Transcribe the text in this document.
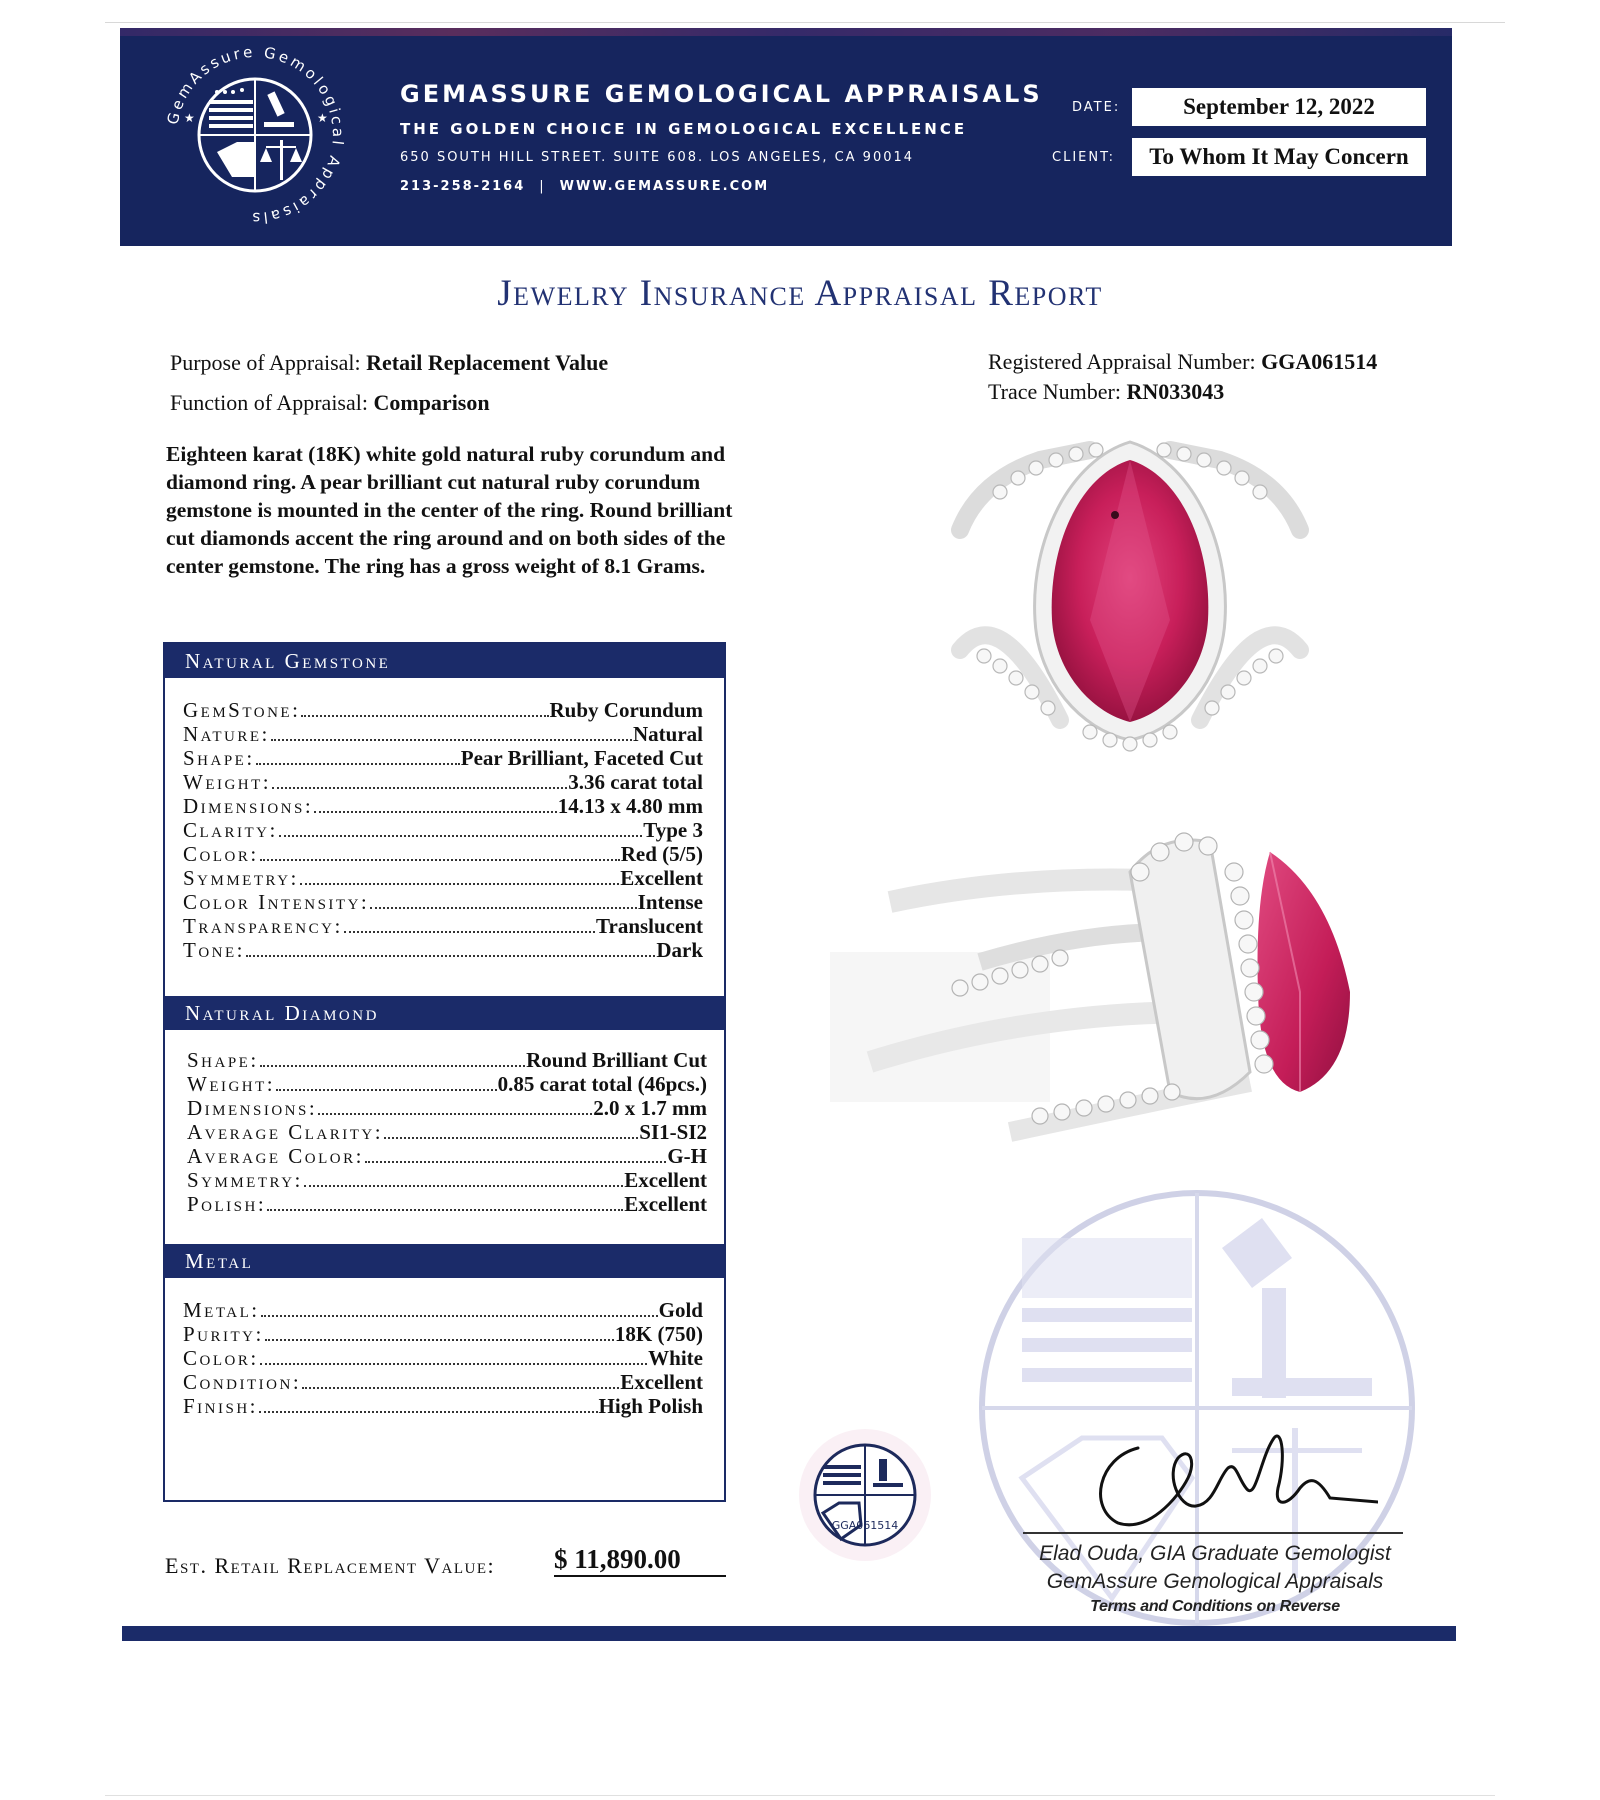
GemAssure Gemological Appraisals
★	★
GEMASSURE GEMOLOGICAL APPRAISALS
THE GOLDEN CHOICE IN GEMOLOGICAL EXCELLENCE
650 SOUTH HILL STREET. SUITE 608. LOS ANGELES, CA 90014
213-258-2164 | WWW.GEMASSURE.COM
DATE:	September 12, 2022
CLIENT:	To Whom It May Concern
Jewelry Insurance Appraisal Report
Purpose of Appraisal: Retail Replacement Value
Function of Appraisal: Comparison
Registered Appraisal Number: GGA061514
Trace Number: RN033043
Eighteen karat (18K) white gold natural ruby corundum and diamond ring. A pear brilliant cut natural ruby corundum gemstone is mounted in the center of the ring. Round brilliant cut diamonds accent the ring around and on both sides of the center gemstone. The ring has a gross weight of 8.1 Grams.
Natural Gemstone
GemStone:	Ruby Corundum
Nature:	Natural
Shape:	Pear Brilliant, Faceted Cut
Weight:	3.36 carat total
Dimensions:	14.13 x 4.80 mm
Clarity:	Type 3
Color:	Red (5/5)
Symmetry:	Excellent
Color Intensity:	Intense
Transparency:	Translucent
Tone:	Dark
Natural Diamond
Shape:	Round Brilliant Cut
Weight:	0.85 carat total (46pcs.)
Dimensions:	2.0 x 1.7 mm
Average Clarity:	SI1-SI2
Average Color:	G-H
Symmetry:	Excellent
Polish:	Excellent
Metal
Metal:	Gold
Purity:	18K (750)
Color:	White
Condition:	Excellent
Finish:	High Polish
Est. Retail Replacement Value: $ 11,890.00
GGA061514
Elad Ouda, GIA Graduate Gemologist
GemAssure Gemological Appraisals
Terms and Conditions on Reverse
